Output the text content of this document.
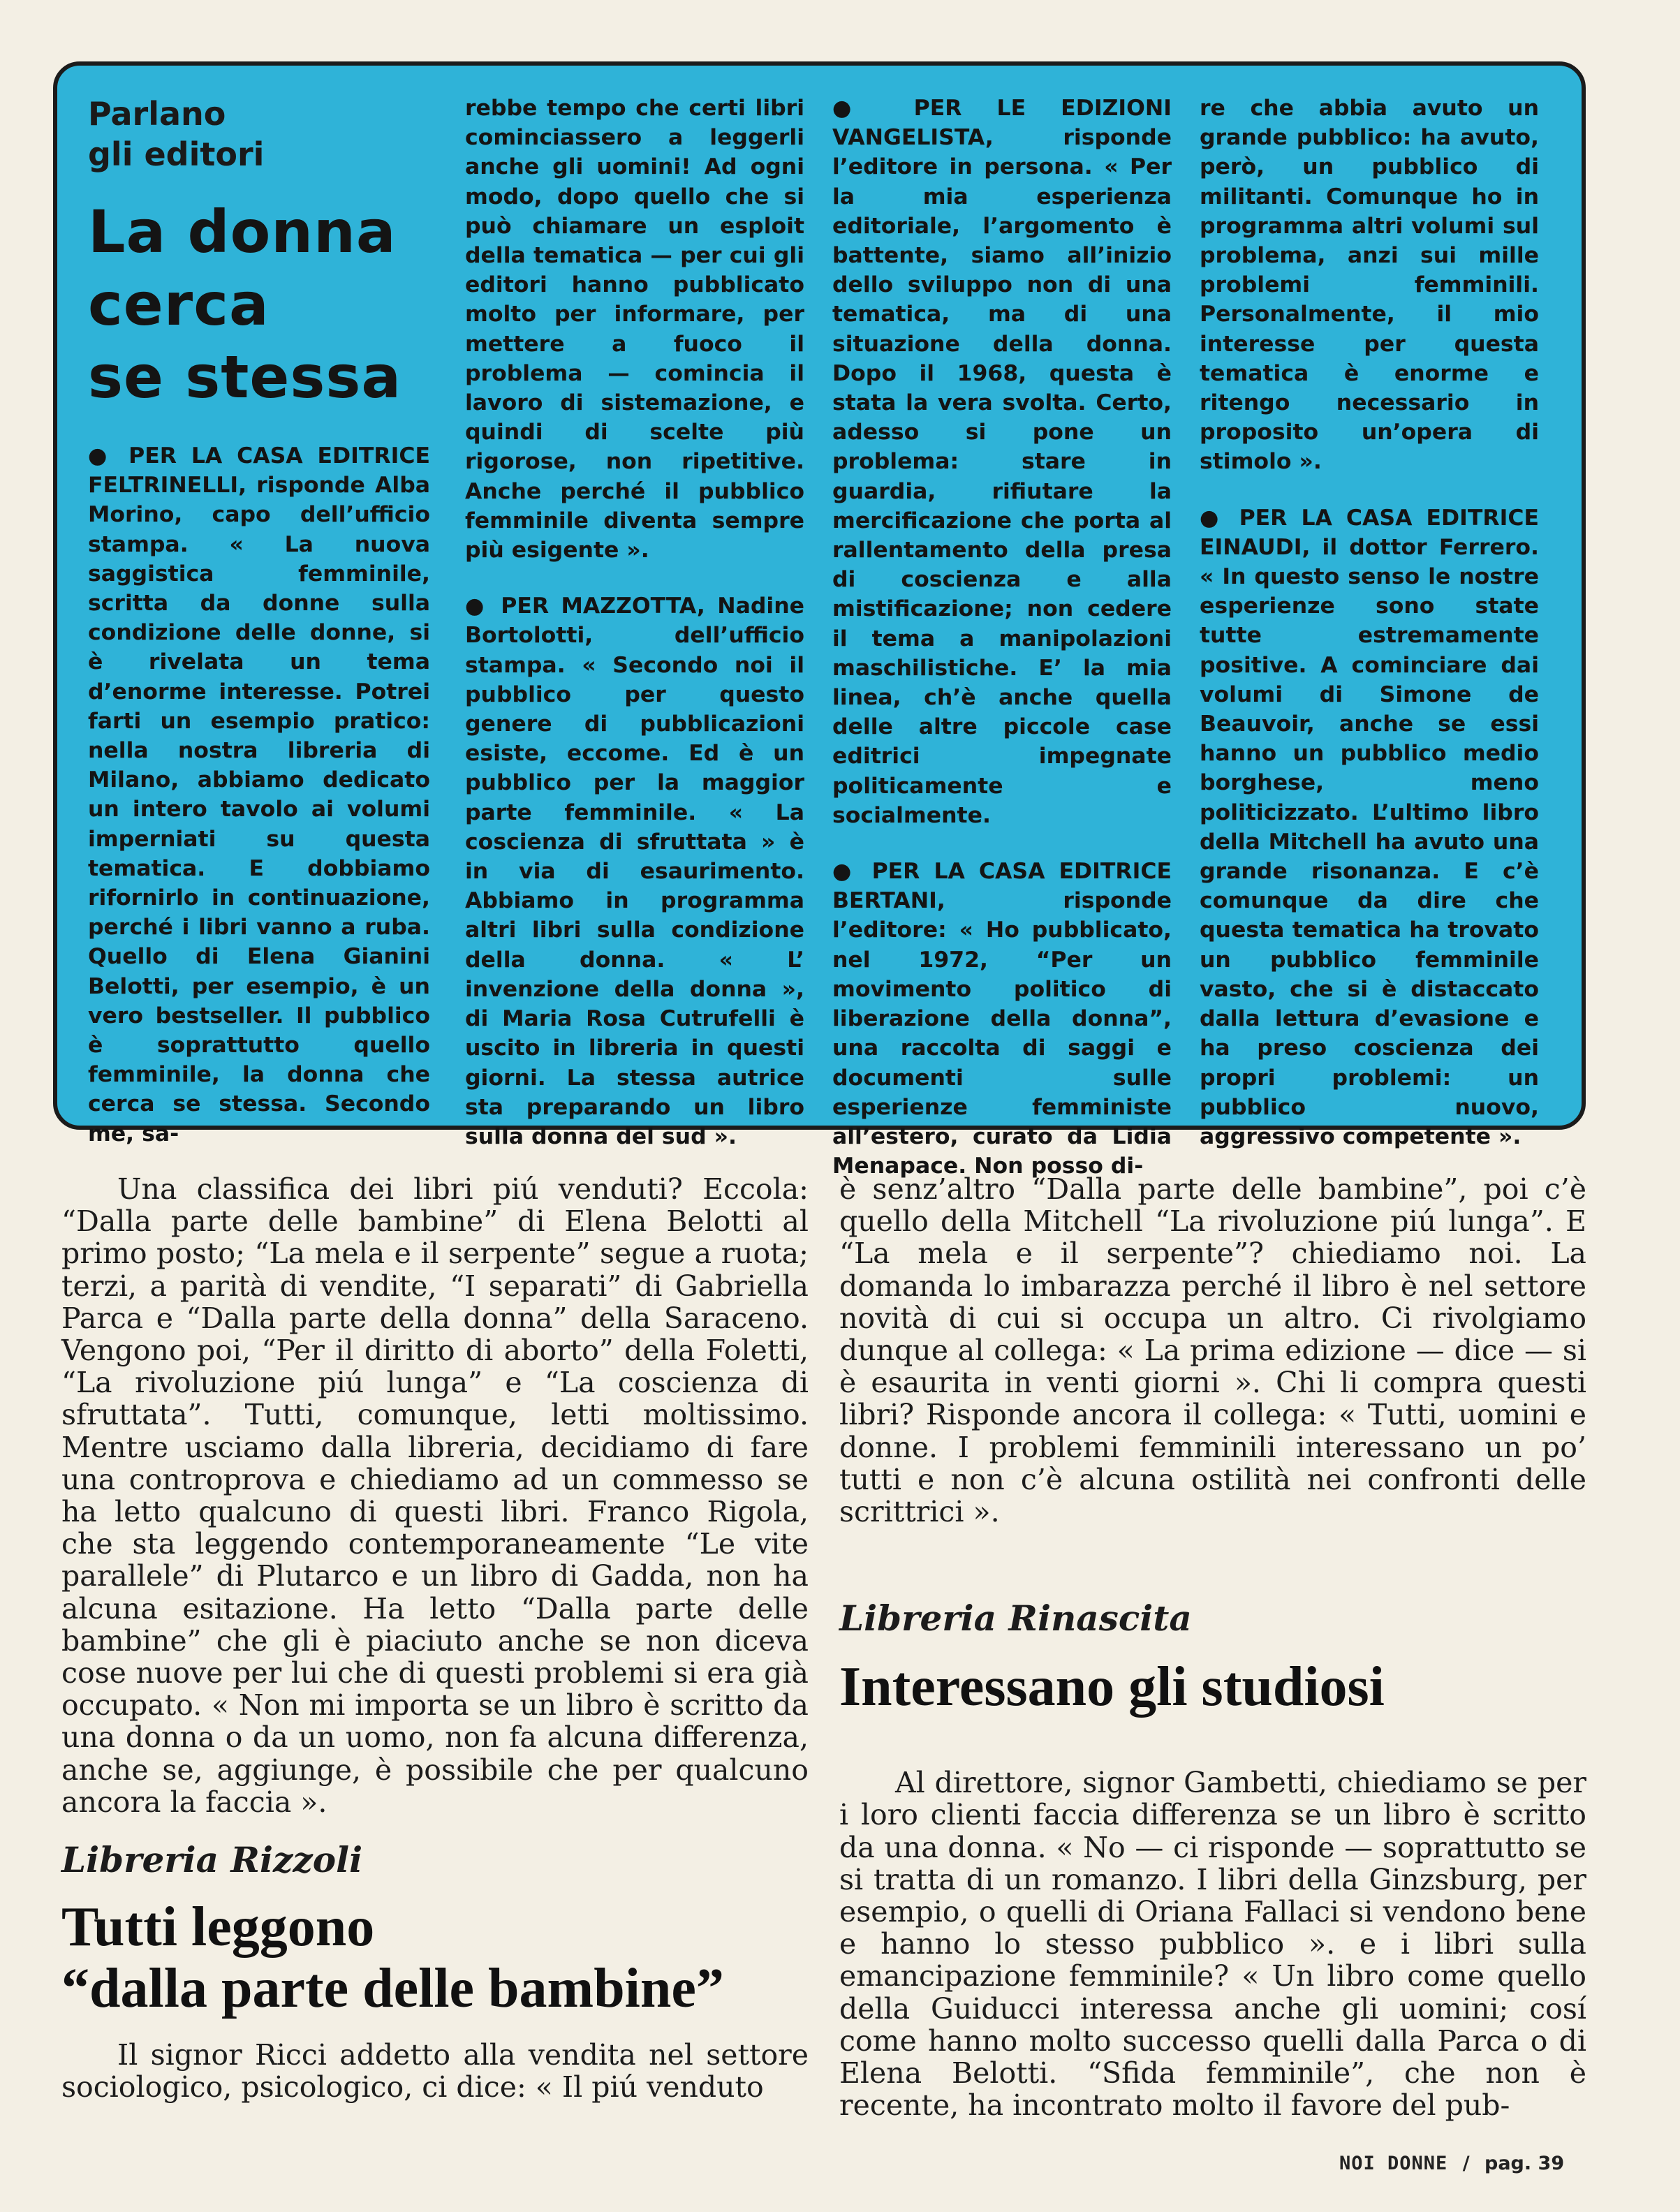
Parlano
gli editori
La donna
cerca
se stessa

● PER LA CASA EDITRICE FELTRINELLI, risponde Alba Morino, capo dell’ufficio stampa. « La nuova saggistica femminile, scritta da donne sulla condizione delle donne, si è rivelata un tema d’enorme interesse. Potrei farti un esempio pratico: nella nostra libreria di Milano, abbiamo dedicato un intero tavolo ai volumi imperniati su questa tematica. E dobbiamo rifornirlo in continuazione, perché i libri vanno a ruba. Quello di Elena Gianini Belotti, per esempio, è un vero bestseller. Il pubblico è soprattutto quello femminile, la donna che cerca se stessa. Secondo me, sa-

rebbe tempo che certi libri cominciassero a leggerli anche gli uomini! Ad ogni modo, dopo quello che si può chiamare un esploit della tematica — per cui gli editori hanno pubblicato molto per informare, per mettere a fuoco il problema — comincia il lavoro di sistemazione, e quindi di scelte più rigorose, non ripetitive. Anche perché il pubblico femminile diventa sempre più esigente ».

● PER MAZZOTTA, Nadine Bortolotti, dell’ufficio stampa. « Secondo noi il pubblico per questo genere di pubblicazioni esiste, eccome. Ed è un pubblico per la maggior parte femminile. « La coscienza di sfruttata » è in via di esaurimento. Abbiamo in programma altri libri sulla condizione della donna. « L’ invenzione della donna », di Maria Rosa Cutrufelli è uscito in libreria in questi giorni. La stessa autrice sta preparando un libro sulla donna del sud ».

● PER LE EDIZIONI VANGELISTA, risponde l’editore in persona. « Per la mia esperienza editoriale, l’argomento è battente, siamo all’inizio dello sviluppo non di una tematica, ma di una situazione della donna. Dopo il 1968, questa è stata la vera svolta. Certo, adesso si pone un problema: stare in guardia, rifiutare la mercificazione che porta al rallentamento della presa di coscienza e alla mistificazione; non cedere il tema a manipolazioni maschilistiche. E’ la mia linea, ch’è anche quella delle altre piccole case editrici impegnate politicamente e socialmente.

● PER LA CASA EDITRICE BERTANI, risponde l’editore: « Ho pubblicato, nel 1972, “Per un movimento politico di liberazione della donna”, una raccolta di saggi e documenti sulle esperienze femministe all’estero, curato da Lidia Menapace. Non posso di-

re che abbia avuto un grande pubblico: ha avuto, però, un pubblico di militanti. Comunque ho in programma altri volumi sul problema, anzi sui mille problemi femminili. Personalmente, il mio interesse per questa tematica è enorme e ritengo necessario in proposito un’opera di stimolo ».

● PER LA CASA EDITRICE EINAUDI, il dottor Ferrero. « In questo senso le nostre esperienze sono state tutte estremamente positive. A cominciare dai volumi di Simone de Beauvoir, anche se essi hanno un pubblico medio borghese, meno politicizzato. L’ultimo libro della Mitchell ha avuto una grande risonanza. E c’è comunque da dire che questa tematica ha trovato un pubblico femminile vasto, che si è distaccato dalla lettura d’evasione e ha preso coscienza dei propri problemi: un pubblico nuovo, aggressivo competente ».

Una classifica dei libri piú venduti? Eccola: “Dalla parte delle bambine” di Elena Belotti al primo posto; “La mela e il serpente” segue a ruota; terzi, a parità di vendite, “I separati” di Gabriella Parca e “Dalla parte della donna” della Saraceno. Vengono poi, “Per il diritto di aborto” della Foletti, “La rivoluzione piú lunga” e “La coscienza di sfruttata”. Tutti, comunque, letti moltissimo. Mentre usciamo dalla libreria, decidiamo di fare una controprova e chiediamo ad un commesso se ha letto qualcuno di questi libri. Franco Rigola, che sta leggendo contemporaneamente “Le vite parallele” di Plutarco e un libro di Gadda, non ha alcuna esitazione. Ha letto “Dalla parte delle bambine” che gli è piaciuto anche se non diceva cose nuove per lui che di questi problemi si era già occupato. « Non mi importa se un libro è scritto da una donna o da un uomo, non fa alcuna differenza, anche se, aggiunge, è possibile che per qualcuno ancora la faccia ».

Libreria Rizzoli
Tutti leggono
“dalla parte delle bambine”

Il signor Ricci addetto alla vendita nel settore sociologico, psicologico, ci dice: « Il piú venduto

è senz’altro “Dalla parte delle bambine”, poi c’è quello della Mitchell “La rivoluzione piú lunga”. E “La mela e il serpente”? chiediamo noi. La domanda lo imbarazza perché il libro è nel settore novità di cui si occupa un altro. Ci rivolgiamo dunque al collega: « La prima edizione — dice — si è esaurita in venti giorni ». Chi li compra questi libri? Risponde ancora il collega: « Tutti, uomini e donne. I problemi femminili interessano un po’ tutti e non c’è alcuna ostilità nei confronti delle scrittrici ».

Libreria Rinascita
Interessano gli studiosi

Al direttore, signor Gambetti, chiediamo se per i loro clienti faccia differenza se un libro è scritto da una donna. « No — ci risponde — soprattutto se si tratta di un romanzo. I libri della Ginzsburg, per esempio, o quelli di Oriana Fallaci si vendono bene e hanno lo stesso pubblico ». e i libri sulla emancipazione femminile? « Un libro come quello della Guiducci interessa anche gli uomini; cosí come hanno molto successo quelli dalla Parca o di Elena Belotti. “Sfida femminile”, che non è recente, ha incontrato molto il favore del pub-

NOI DONNE / pag. 39
